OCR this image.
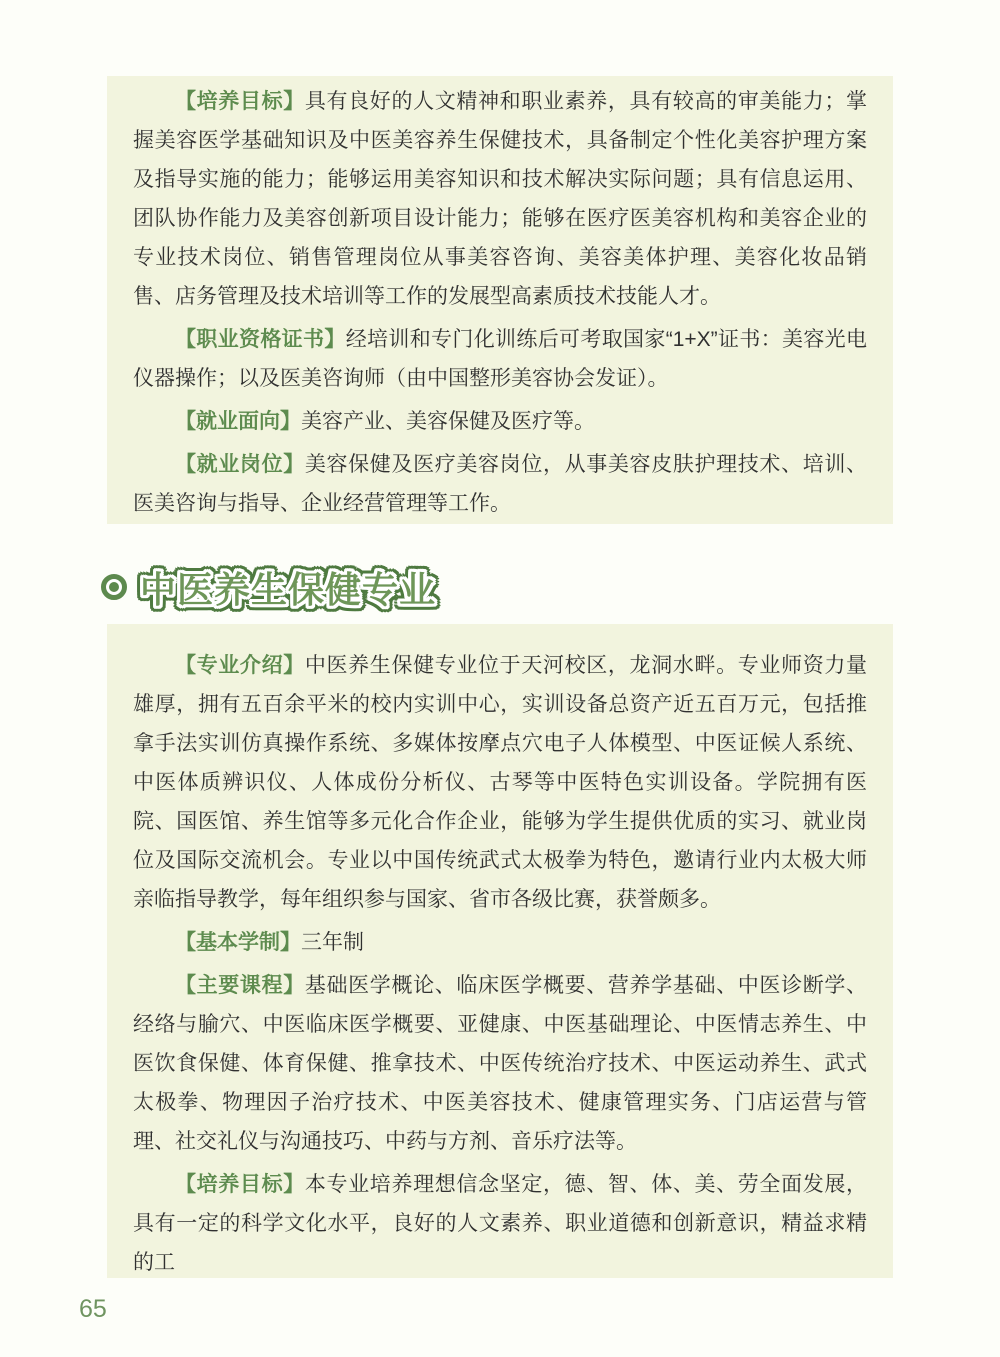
【培养目标】具有良好的人文精神和职业素养，具有较高的审美能力；掌握美容医学基础知识及中医美容养生保健技术，具备制定个性化美容护理方案及指导实施的能力；能够运用美容知识和技术解决实际问题；具有信息运用、团队协作能力及美容创新项目设计能力；能够在医疗医美容机构和美容企业的专业技术岗位、销售管理岗位从事美容咨询、美容美体护理、美容化妆品销售、店务管理及技术培训等工作的发展型高素质技术技能人才。

【职业资格证书】经培训和专门化训练后可考取国家“1+X”证书：美容光电仪器操作；以及医美咨询师（由中国整形美容协会发证）。

【就业面向】美容产业、美容保健及医疗等。

【就业岗位】美容保健及医疗美容岗位，从事美容皮肤护理技术、培训、医美咨询与指导、企业经营管理等工作。

中医养生保健专业

【专业介绍】中医养生保健专业位于天河校区，龙洞水畔。专业师资力量雄厚，拥有五百余平米的校内实训中心，实训设备总资产近五百万元，包括推拿手法实训仿真操作系统、多媒体按摩点穴电子人体模型、中医证候人系统、中医体质辨识仪、人体成份分析仪、古琴等中医特色实训设备。学院拥有医院、国医馆、养生馆等多元化合作企业，能够为学生提供优质的实习、就业岗位及国际交流机会。专业以中国传统武式太极拳为特色，邀请行业内太极大师亲临指导教学，每年组织参与国家、省市各级比赛，获誉颇多。

【基本学制】三年制

【主要课程】基础医学概论、临床医学概要、营养学基础、中医诊断学、经络与腧穴、中医临床医学概要、亚健康、中医基础理论、中医情志养生、中医饮食保健、体育保健、推拿技术、中医传统治疗技术、中医运动养生、武式太极拳、物理因子治疗技术、中医美容技术、健康管理实务、门店运营与管理、社交礼仪与沟通技巧、中药与方剂、音乐疗法等。

【培养目标】本专业培养理想信念坚定，德、智、体、美、劳全面发展，具有一定的科学文化水平，良好的人文素养、职业道德和创新意识，精益求精的工

65
